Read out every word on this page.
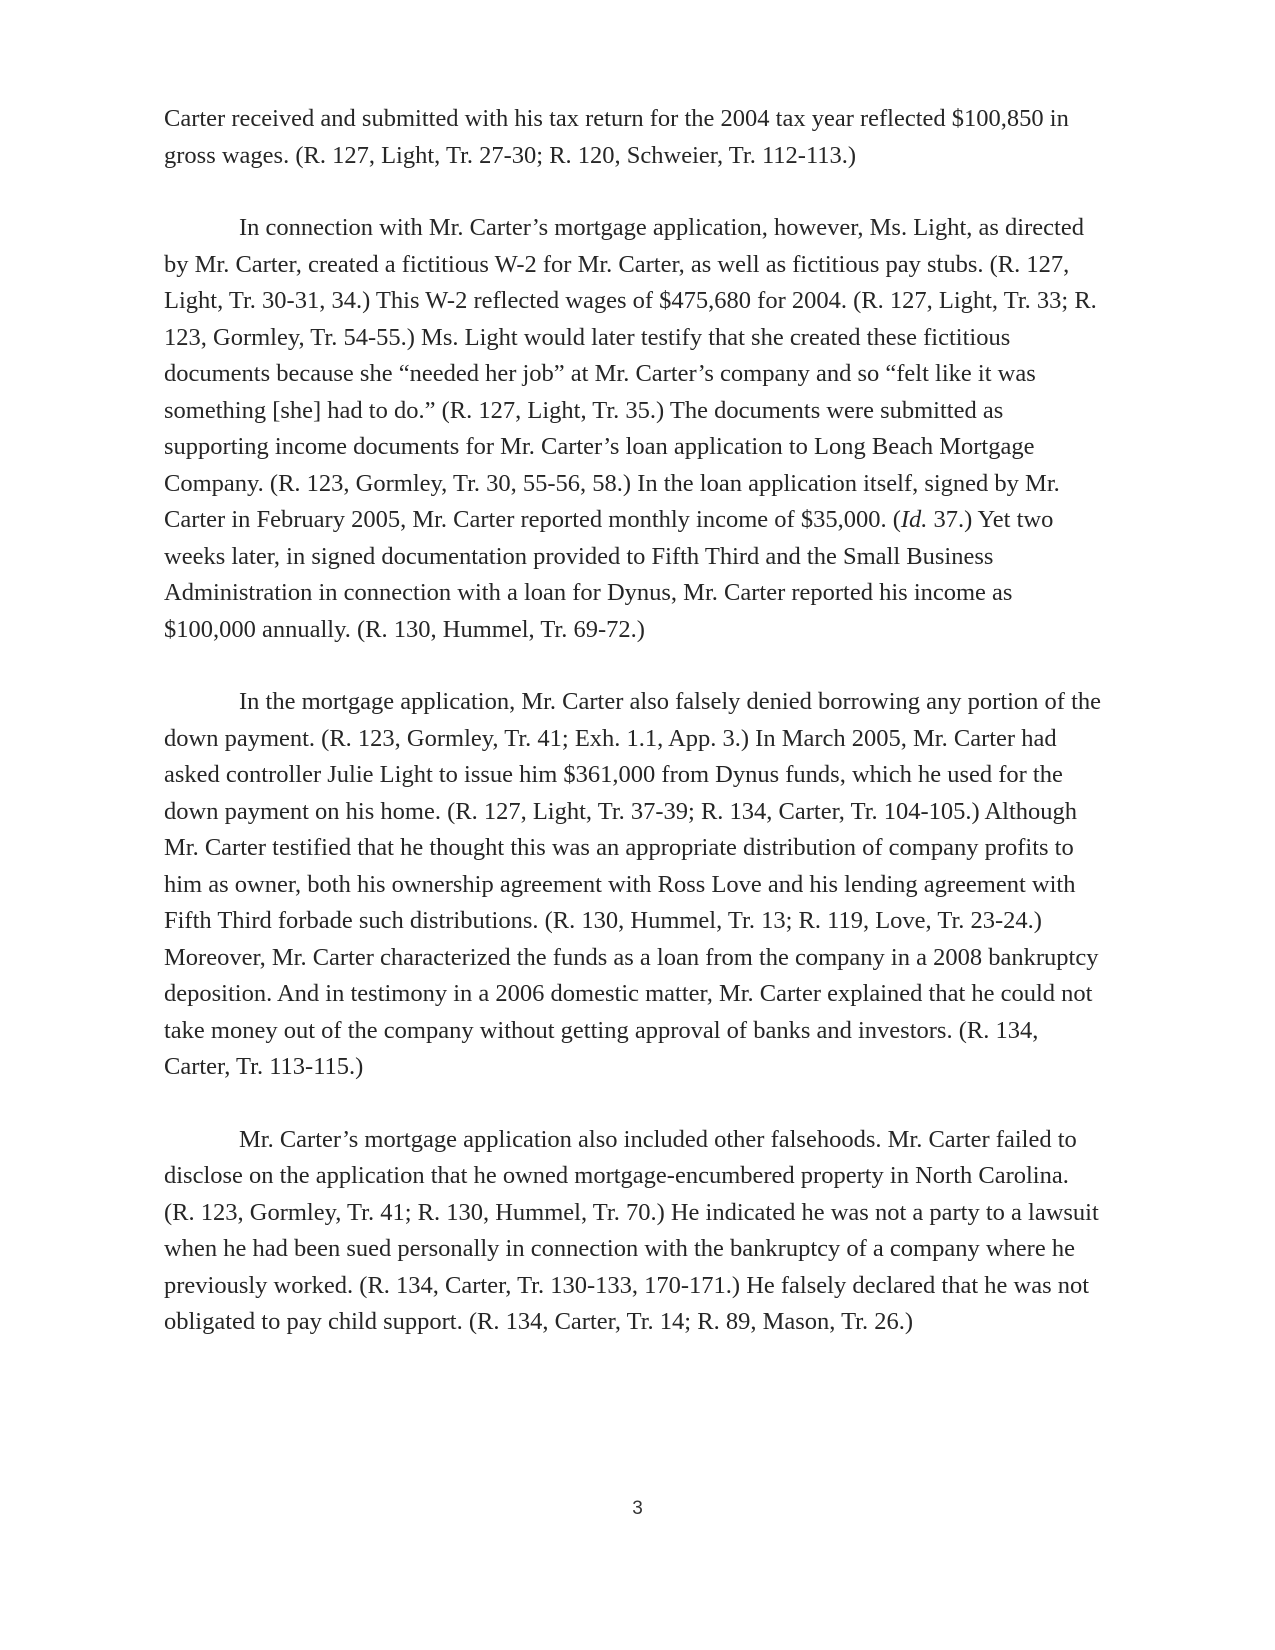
Carter received and submitted with his tax return for the 2004 tax year reflected $100,850 in gross wages. (R. 127, Light, Tr. 27-30; R. 120, Schweier, Tr. 112-113.)

In connection with Mr. Carter’s mortgage application, however, Ms. Light, as directed by Mr. Carter, created a fictitious W-2 for Mr. Carter, as well as fictitious pay stubs. (R. 127, Light, Tr. 30-31, 34.) This W-2 reflected wages of $475,680 for 2004. (R. 127, Light, Tr. 33; R. 123, Gormley, Tr. 54-55.) Ms. Light would later testify that she created these fictitious documents because she “needed her job” at Mr. Carter’s company and so “felt like it was something [she] had to do.” (R. 127, Light, Tr. 35.) The documents were submitted as supporting income documents for Mr. Carter’s loan application to Long Beach Mortgage Company. (R. 123, Gormley, Tr. 30, 55-56, 58.) In the loan application itself, signed by Mr. Carter in February 2005, Mr. Carter reported monthly income of $35,000. (Id. 37.) Yet two weeks later, in signed documentation provided to Fifth Third and the Small Business Administration in connection with a loan for Dynus, Mr. Carter reported his income as $100,000 annually. (R. 130, Hummel, Tr. 69-72.)

In the mortgage application, Mr. Carter also falsely denied borrowing any portion of the down payment. (R. 123, Gormley, Tr. 41; Exh. 1.1, App. 3.) In March 2005, Mr. Carter had asked controller Julie Light to issue him $361,000 from Dynus funds, which he used for the down payment on his home. (R. 127, Light, Tr. 37-39; R. 134, Carter, Tr. 104-105.) Although Mr. Carter testified that he thought this was an appropriate distribution of company profits to him as owner, both his ownership agreement with Ross Love and his lending agreement with Fifth Third forbade such distributions. (R. 130, Hummel, Tr. 13; R. 119, Love, Tr. 23-24.) Moreover, Mr. Carter characterized the funds as a loan from the company in a 2008 bankruptcy deposition. And in testimony in a 2006 domestic matter, Mr. Carter explained that he could not take money out of the company without getting approval of banks and investors. (R. 134, Carter, Tr. 113-115.)

Mr. Carter’s mortgage application also included other falsehoods. Mr. Carter failed to disclose on the application that he owned mortgage-encumbered property in North Carolina. (R. 123, Gormley, Tr. 41; R. 130, Hummel, Tr. 70.) He indicated he was not a party to a lawsuit when he had been sued personally in connection with the bankruptcy of a company where he previously worked. (R. 134, Carter, Tr. 130-133, 170-171.) He falsely declared that he was not obligated to pay child support. (R. 134, Carter, Tr. 14; R. 89, Mason, Tr. 26.)

3
